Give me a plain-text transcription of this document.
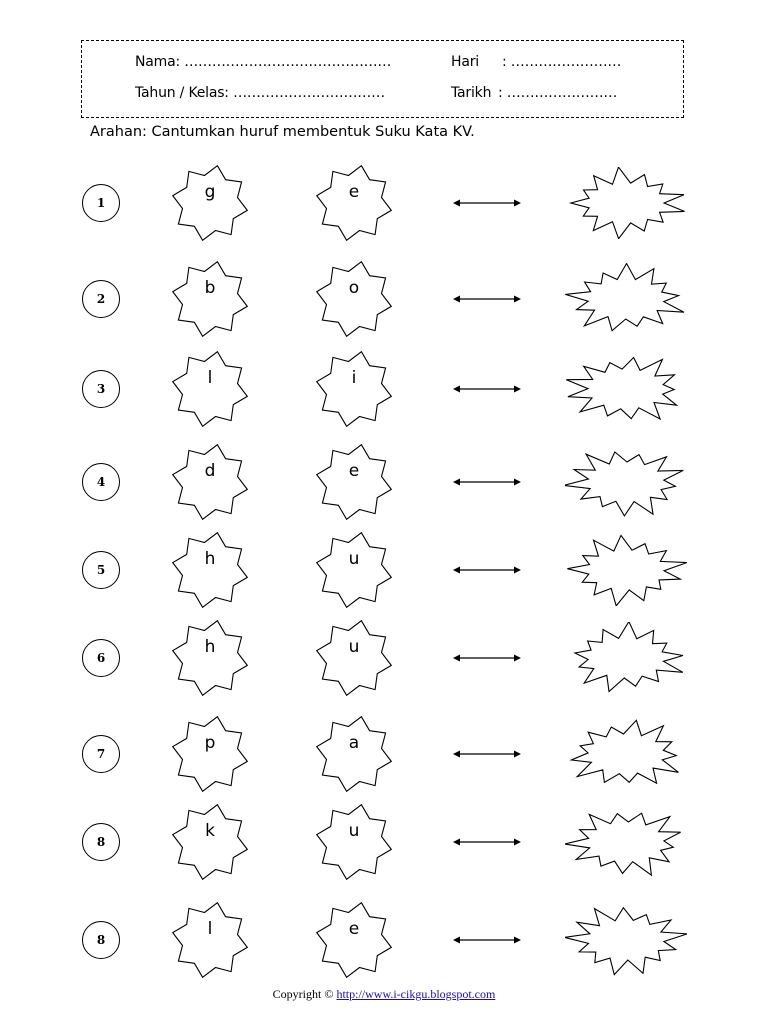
Nama: ………………………………………	Hari : ……………………
Tahun / Kelas: ……………………………	Tarikh : ……………………
Arahan: Cantumkan huruf membentuk Suku Kata KV.
1
g	e
2
b	o
3
l	i
4
d	e
5
h	u
6
h	u
7
p	a
8
k	u
8
l	e
Copyright © http://www.i-cikgu.blogspot.com
